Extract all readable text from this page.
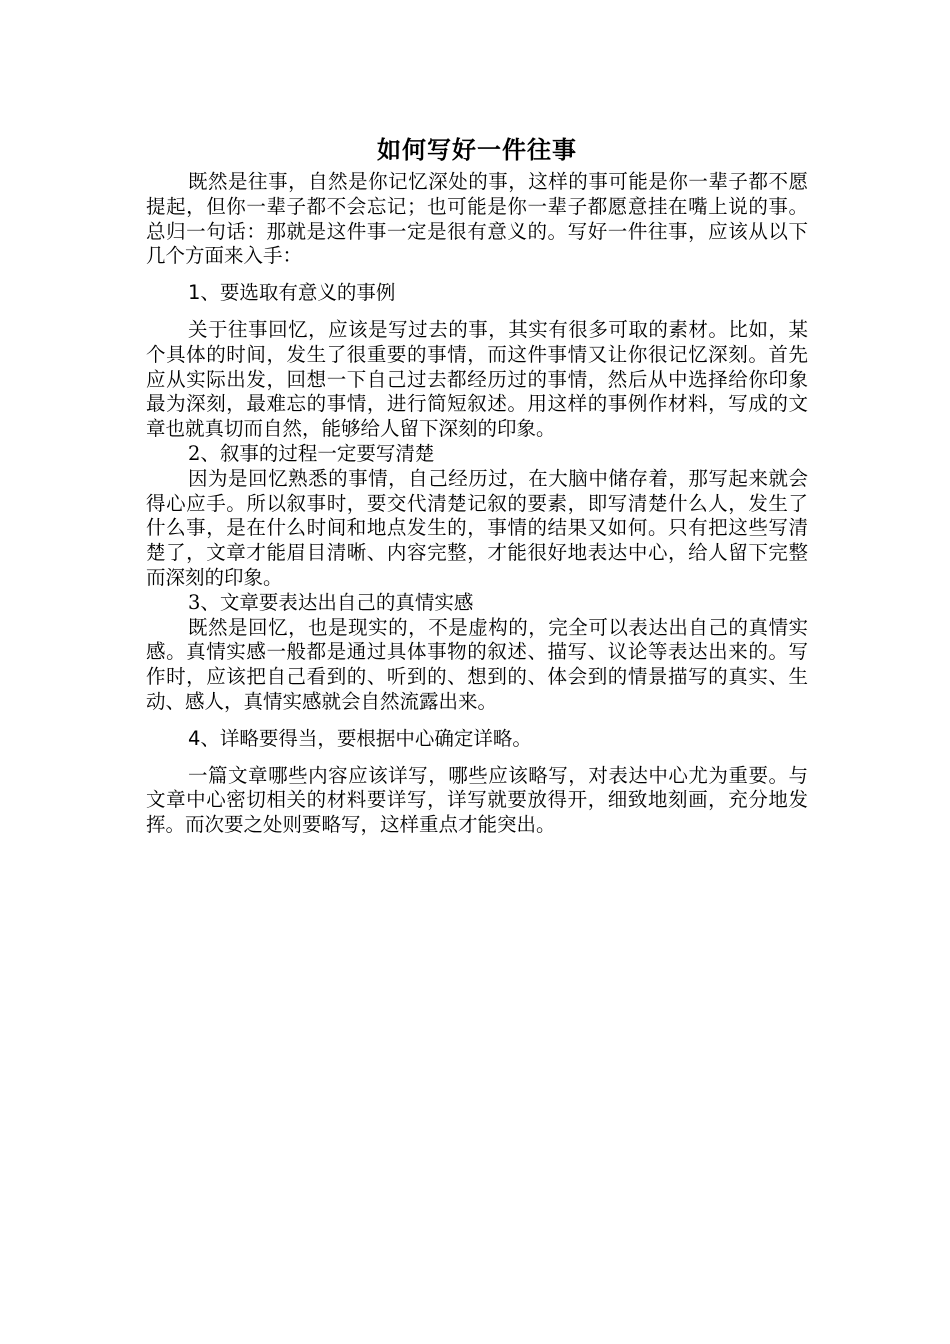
如何写好一件往事

既然是往事，自然是你记忆深处的事，这样的事可能是你一辈子都不愿提起，但你一辈子都不会忘记；也可能是你一辈子都愿意挂在嘴上说的事。总归一句话：那就是这件事一定是很有意义的。写好一件往事，应该从以下几个方面来入手：

1、要选取有意义的事例

关于往事回忆，应该是写过去的事，其实有很多可取的素材。比如，某个具体的时间，发生了很重要的事情，而这件事情又让你很记忆深刻。首先应从实际出发，回想一下自己过去都经历过的事情，然后从中选择给你印象最为深刻，最难忘的事情，进行简短叙述。用这样的事例作材料，写成的文章也就真切而自然，能够给人留下深刻的印象。

2、叙事的过程一定要写清楚

因为是回忆熟悉的事情，自己经历过，在大脑中储存着，那写起来就会得心应手。所以叙事时，要交代清楚记叙的要素，即写清楚什么人，发生了什么事，是在什么时间和地点发生的，事情的结果又如何。只有把这些写清楚了，文章才能眉目清晰、内容完整，才能很好地表达中心，给人留下完整而深刻的印象。

3、文章要表达出自己的真情实感

既然是回忆，也是现实的，不是虚构的，完全可以表达出自己的真情实感。真情实感一般都是通过具体事物的叙述、描写、议论等表达出来的。写作时，应该把自己看到的、听到的、想到的、体会到的情景描写的真实、生动、感人，真情实感就会自然流露出来。

4、详略要得当，要根据中心确定详略。

一篇文章哪些内容应该详写，哪些应该略写，对表达中心尤为重要。与文章中心密切相关的材料要详写，详写就要放得开，细致地刻画，充分地发挥。而次要之处则要略写，这样重点才能突出。
